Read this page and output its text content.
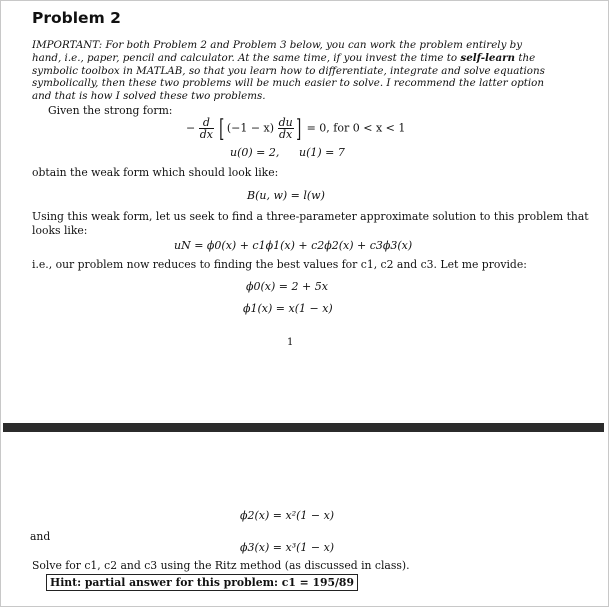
Problem 2
IMPORTANT: For both Problem 2 and Problem 3 below, you can work the problem entirely by hand, i.e., paper, pencil and calculator. At the same time, if you invest the time to self-learn the symbolic toolbox in MATLAB, so that you learn how to differentiate, integrate and solve equations symbolically, then these two problems will be much easier to solve. I recommend the latter option and that is how I solved these two problems.
Given the strong form:
− $\frac{d}{dx}$ [ $(-1 - x) \frac{du}{dx}$ ] = 0, for 0 < x < 1
u(0) = 2, u(1) = 7
obtain the weak form which should look like:
B(u, w) = l(w)
Using this weak form, let us seek to find a three-parameter approximate solution to this problem that
looks like:
uN = ϕ0(x) + c1ϕ1(x) + c2ϕ2(x) + c3ϕ3(x)
i.e., our problem now reduces to finding the best values for c1, c2 and c3. Let me provide:
ϕ0(x) = 2 + 5x
ϕ1(x) = x(1 − x)
1
ϕ2(x) = x²(1 − x)
and
ϕ3(x) = x³(1 − x)
Solve for c1, c2 and c3 using the Ritz method (as discussed in class).
Hint: partial answer for this problem: c1 = 195/89
